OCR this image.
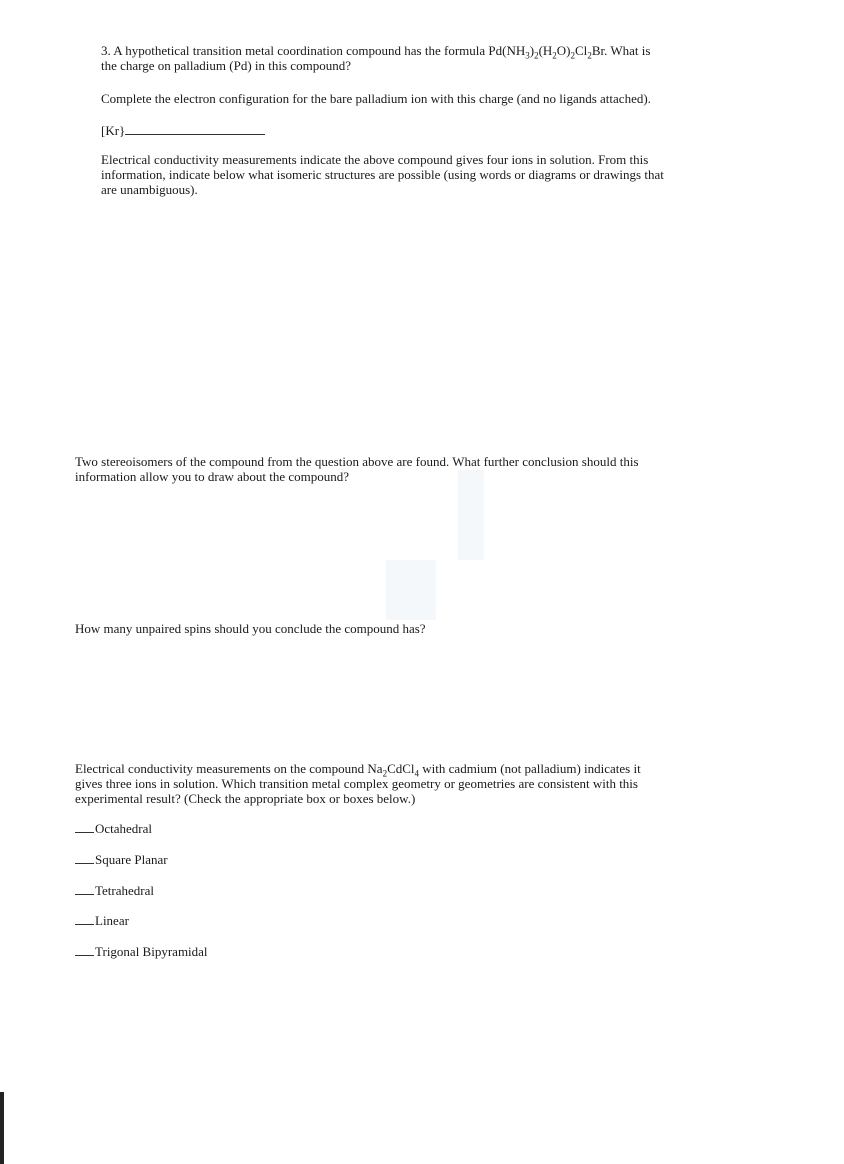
3. A hypothetical transition metal coordination compound has the formula $Pd(NH_3)_2(H_2O)_2Cl_2Br$. What is

the charge on palladium (Pd) in this compound?

Complete the electron configuration for the bare palladium ion with this charge (and no ligands attached).

[Kr}

Electrical conductivity measurements indicate the above compound gives four ions in solution. From this

information, indicate below what isomeric structures are possible (using words or diagrams or drawings that

are unambiguous).

Two stereoisomers of the compound from the question above are found. What further conclusion should this

information allow you to draw about the compound?

How many unpaired spins should you conclude the compound has?

Electrical conductivity measurements on the compound $Na_2CdCl_4$ with cadmium (not palladium) indicates it

gives three ions in solution. Which transition metal complex geometry or geometries are consistent with this

experimental result? (Check the appropriate box or boxes below.)

Octahedral
Square Planar
Tetrahedral
Linear
Trigonal Bipyramidal
